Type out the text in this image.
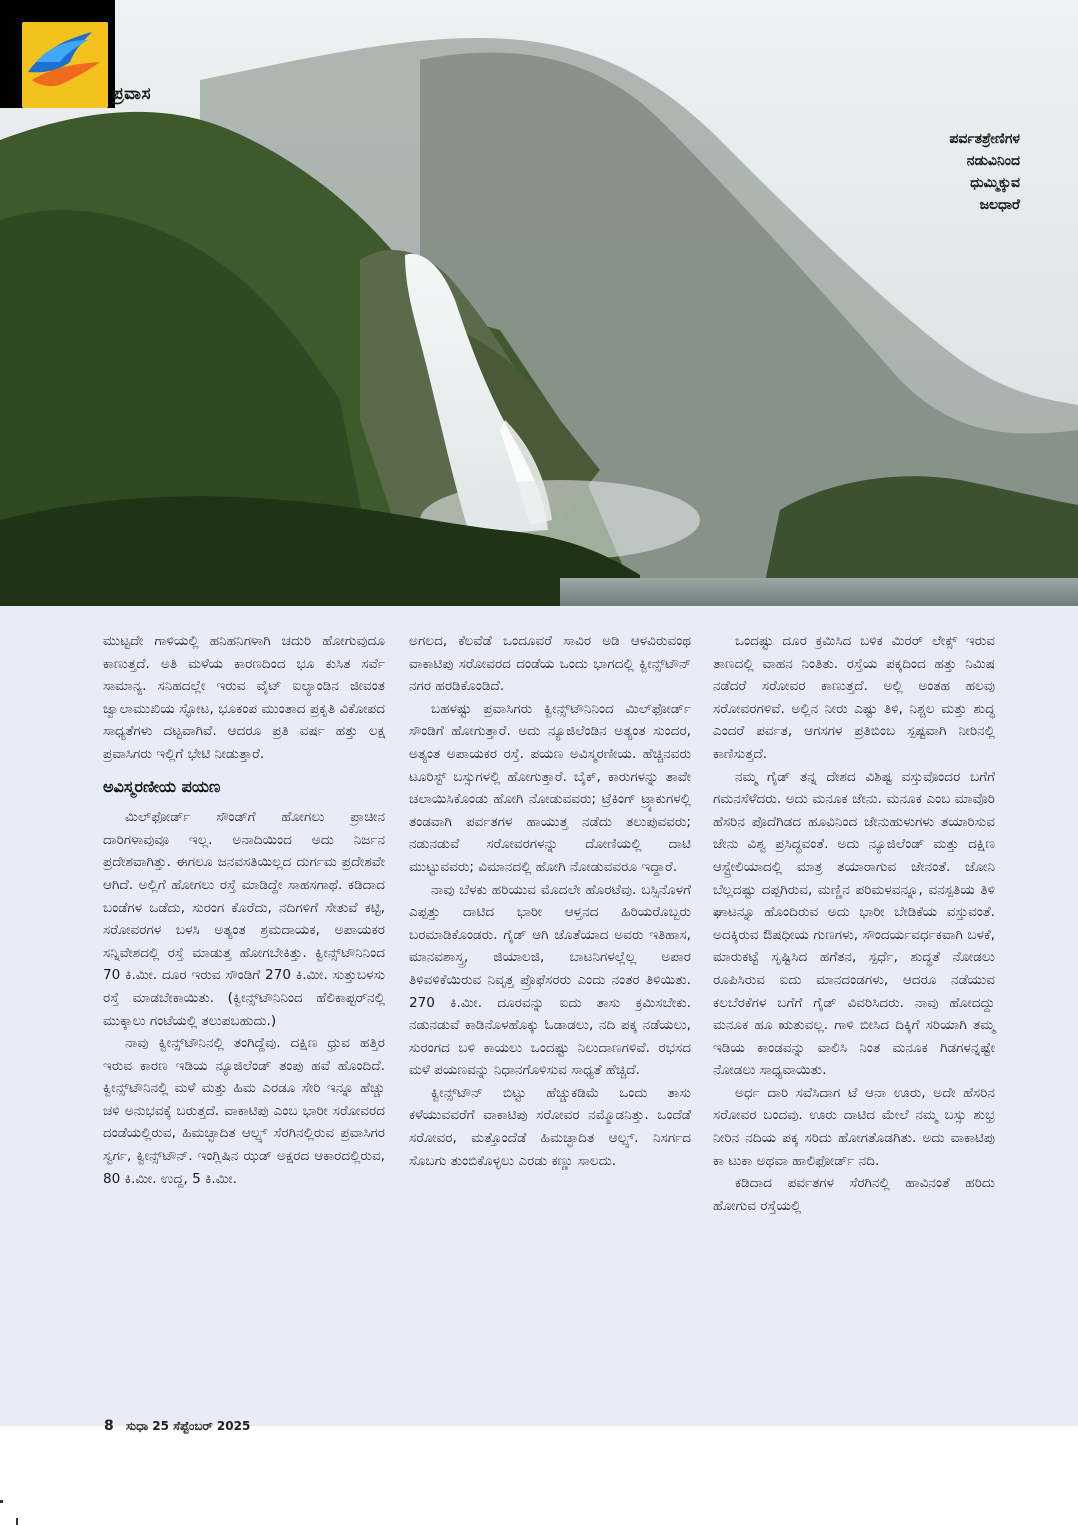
ಪ್ರವಾಸ
ಪರ್ವತಶ್ರೇಣಿಗಳ
ನಡುವಿನಿಂದ
ಧುಮ್ಮಿಕ್ಕುವ
ಜಲಧಾರೆ

ಮುಟ್ಟದೇ ಗಾಳಿಯಲ್ಲಿ ಹನಿಹನಿಗಳಾಗಿ ಚದುರಿ ಹೋಗುವುದೂ ಕಾಣುತ್ತದೆ. ಅತಿ ಮಳೆಯ ಕಾರಣದಿಂದ ಭೂ ಕುಸಿತ ಸರ್ವೆ ಸಾಮಾನ್ಯ. ಸನಿಹದಲ್ಲೇ ಇರುವ ವೈಟ್ ಐಲ್ಯಾಂಡಿನ ಜೀವಂತ ಜ್ವಾಲಾಮುಖಿಯ ಸ್ಫೋಟ, ಭೂಕಂಪ ಮುಂತಾದ ಪ್ರಕೃತಿ ವಿಕೋಪದ ಸಾಧ್ಯತೆಗಳು ದಟ್ಟವಾಗಿವೆ. ಆದರೂ ಪ್ರತಿ ವರ್ಷ ಹತ್ತು ಲಕ್ಷ ಪ್ರವಾಸಿಗರು ಇಲ್ಲಿಗೆ ಭೇಟಿ ನೀಡುತ್ತಾರೆ.

ಅವಿಸ್ಮರಣೀಯ ಪಯಣ

ಮಿಲ್‌ಫೋರ್ಡ್ ಸೌಂಡ್‌ಗೆ ಹೋಗಲು ಪ್ರಾಚೀನ ದಾರಿಗಳಾವುವೂ ಇಲ್ಲ. ಅನಾದಿಯಿಂದ ಅದು ನಿರ್ಜನ ಪ್ರದೇಶವಾಗಿತ್ತು. ಈಗಲೂ ಜನವಸತಿಯಿಲ್ಲದ ದುರ್ಗಮ ಪ್ರದೇಶವೇ ಆಗಿದೆ. ಅಲ್ಲಿಗೆ ಹೋಗಲು ರಸ್ತೆ ಮಾಡಿದ್ದೇ ಸಾಹಸಗಾಥೆ. ಕಡಿದಾದ ಬಂಡೆಗಳ ಒಡೆದು, ಸುರಂಗ ಕೊರೆದು, ನದಿಗಳಿಗೆ ಸೇತುವೆ ಕಟ್ಟಿ, ಸರೋವರಗಳ ಬಳಸಿ ಅತ್ಯಂತ ಶ್ರಮದಾಯಕ, ಅಪಾಯಕರ ಸನ್ನಿವೇಶದಲ್ಲಿ ರಸ್ತೆ ಮಾಡುತ್ತ ಹೋಗಬೇಕಿತ್ತು. ಕ್ವೀನ್ಸ್‌ಟೌನಿನಿಂದ 70 ಕಿ.ಮೀ. ದೂರ ಇರುವ ಸೌಂಡಿಗೆ 270 ಕಿ.ಮೀ. ಸುತ್ತುಬಳಸು ರಸ್ತೆ ಮಾಡಬೇಕಾಯಿತು. (ಕ್ವೀನ್ಸ್‌ಟೌನಿನಿಂದ ಹೆಲಿಕಾಪ್ಟರ್‌ನಲ್ಲಿ ಮುಕ್ಕಾಲು ಗಂಟೆಯಲ್ಲಿ ತಲುಪಬಹುದು.)

ನಾವು ಕ್ವೀನ್ಸ್‌ಟೌನಿನಲ್ಲಿ ತಂಗಿದ್ದೆವು. ದಕ್ಷಿಣ ಧ್ರುವ ಹತ್ತಿರ ಇರುವ ಕಾರಣ ಇಡಿಯ ನ್ಯೂಜಿಲೆಂಡ್ ತಂಪು ಹವೆ ಹೊಂದಿದೆ. ಕ್ವೀನ್ಸ್‌ಟೌನಿನಲ್ಲಿ ಮಳೆ ಮತ್ತು ಹಿಮ ಎರಡೂ ಸೇರಿ ಇನ್ನೂ ಹೆಚ್ಚು ಚಳಿ ಅನುಭವಕ್ಕೆ ಬರುತ್ತದೆ. ವಾಕಾಟಿಪು ಎಂಬ ಭಾರೀ ಸರೋವರದ ದಂಡೆಯಲ್ಲಿರುವ, ಹಿಮಚ್ಛಾದಿತ ಆಲ್ಪ್ಸ್ ಸೆರಗಿನಲ್ಲಿರುವ ಪ್ರವಾಸಿಗರ ಸ್ವರ್ಗ, ಕ್ವೀನ್ಸ್‌ಟೌನ್. ಇಂಗ್ಲಿಷಿನ ಝಡ್ ಅಕ್ಷರದ ಆಕಾರದಲ್ಲಿರುವ, 80 ಕಿ.ಮೀ. ಉದ್ದ, 5 ಕಿ.ಮೀ.

ಅಗಲದ, ಕೆಲವೆಡೆ ಒಂದೂವರೆ ಸಾವಿರ ಅಡಿ ಆಳವಿರುವಂಥ ವಾಕಾಟಿಪು ಸರೋವರದ ದಂಡೆಯ ಒಂದು ಭಾಗದಲ್ಲಿ ಕ್ವೀನ್ಸ್‌ಟೌನ್ ನಗರ ಹರಡಿಕೊಂಡಿದೆ.

ಬಹಳಷ್ಟು ಪ್ರವಾಸಿಗರು ಕ್ವೀನ್ಸ್‌ಟೌನಿನಿಂದ ಮಿಲ್‌ಫೋರ್ಡ್ ಸೌಂಡಿಗೆ ಹೋಗುತ್ತಾರೆ. ಅದು ನ್ಯೂಜಿಲೆಂಡಿನ ಅತ್ಯಂತ ಸುಂದರ, ಅತ್ಯಂತ ಅಪಾಯಕರ ರಸ್ತೆ. ಪಯಣ ಅವಿಸ್ಮರಣೀಯ. ಹೆಚ್ಚಿನವರು ಟೂರಿಸ್ಟ್ ಬಸ್ಸುಗಳಲ್ಲಿ ಹೋಗುತ್ತಾರೆ. ಬೈಕ್, ಕಾರುಗಳನ್ನು ತಾವೇ ಚಲಾಯಿಸಿಕೊಂಡು ಹೋಗಿ ನೋಡುವವರು; ಟ್ರೆಕಿಂಗ್ ಟ್ರ್ಯಾಕುಗಳಲ್ಲಿ ತಂಡವಾಗಿ ಪರ್ವತಗಳ ಹಾಯುತ್ತ ನಡೆದು ತಲುಪುವವರು; ನಡುನಡುವೆ ಸರೋವರಗಳನ್ನು ದೋಣಿಯಲ್ಲಿ ದಾಟಿ ಮುಟ್ಟುವವರು; ವಿಮಾನದಲ್ಲಿ ಹೋಗಿ ನೋಡುವವರೂ ಇದ್ದಾರೆ.

ನಾವು ಬೆಳಕು ಹರಿಯುವ ಮೊದಲೇ ಹೊರಟೆವು. ಬಸ್ಸಿನೊಳಗೆ ಎಪ್ಪತ್ತು ದಾಟಿದ ಭಾರೀ ಆಳ್ತನದ ಹಿರಿಯರೊಬ್ಬರು ಬರಮಾಡಿಕೊಂಡರು. ಗೈಡ್ ಆಗಿ ಜೊತೆಯಾದ ಅವರು ಇತಿಹಾಸ, ಮಾನವಶಾಸ್ತ್ರ, ಜಿಯಾಲಜಿ, ಬಾಟನಿಗಳಲ್ಲೆಲ್ಲ ಅಪಾರ ತಿಳಿವಳಿಕೆಯಿರುವ ನಿವೃತ್ತ ಪ್ರೊಫೆಸರರು ಎಂದು ನಂತರ ತಿಳಿಯಿತು. 270 ಕಿ.ಮೀ. ದೂರವನ್ನು ಐದು ತಾಸು ಕ್ರಮಿಸಬೇಕು. ನಡುನಡುವೆ ಕಾಡಿನೊಳಹೊಕ್ಕು ಓಡಾಡಲು, ನದಿ ಪಕ್ಕ ನಡೆಯಲು, ಸುರಂಗದ ಬಳಿ ಕಾಯಲು ಒಂದಷ್ಟು ನಿಲುದಾಣಗಳಿವೆ. ರಭಸದ ಮಳೆ ಪಯಣವನ್ನು ನಿಧಾನಗೊಳಿಸುವ ಸಾಧ್ಯತೆ ಹೆಚ್ಚಿದೆ.

ಕ್ವೀನ್ಸ್‌ಟೌನ್ ಬಿಟ್ಟು ಹೆಚ್ಚುಕಡಿಮೆ ಒಂದು ತಾಸು ಕಳೆಯುವವರೆಗೆ ವಾಕಾಟಿಪು ಸರೋವರ ನಮ್ಮೊಡನಿತ್ತು. ಒಂದೆಡೆ ಸರೋವರ, ಮತ್ತೊಂದೆಡೆ ಹಿಮಚ್ಛಾದಿತ ಆಲ್ಪ್ಸ್. ನಿಸರ್ಗದ ಸೊಬಗು ತುಂಬಿಕೊಳ್ಳಲು ಎರಡು ಕಣ್ಣು ಸಾಲದು.

ಒಂದಷ್ಟು ದೂರ ಕ್ರಮಿಸಿದ ಬಳಿಕ ಮಿರರ್ ಲೇಕ್ಸ್ ಇರುವ ತಾಣದಲ್ಲಿ ವಾಹನ ನಿಂತಿತು. ರಸ್ತೆಯ ಪಕ್ಕದಿಂದ ಹತ್ತು ನಿಮಿಷ ನಡೆದರೆ ಸರೋವರ ಕಾಣುತ್ತದೆ. ಅಲ್ಲಿ ಅಂತಹ ಹಲವು ಸರೋವರಗಳಿವೆ. ಅಲ್ಲಿನ ನೀರು ಎಷ್ಟು ತಿಳಿ, ನಿಶ್ಚಲ ಮತ್ತು ಶುದ್ಧ ಎಂದರೆ ಪರ್ವತ, ಆಗಸಗಳ ಪ್ರತಿಬಿಂಬ ಸ್ಪಷ್ಟವಾಗಿ ನೀರಿನಲ್ಲಿ ಕಾಣಿಸುತ್ತದೆ.

ನಮ್ಮ ಗೈಡ್ ತನ್ನ ದೇಶದ ವಿಶಿಷ್ಟ ವಸ್ತುವೊಂದರ ಬಗೆಗೆ ಗಮನಸೆಳೆದರು. ಅದು ಮನೂಕ ಜೇನು. ಮನೂಕ ಎಂಬ ಮಾವೊರಿ ಹೆಸರಿನ ಪೊದೆಗಿಡದ ಹೂವಿನಿಂದ ಜೇನುಹುಳುಗಳು ತಯಾರಿಸುವ ಜೇನು ವಿಶ್ವ ಪ್ರಸಿದ್ಧವಂತೆ. ಅದು ನ್ಯೂಜಿಲೆಂಡ್ ಮತ್ತು ದಕ್ಷಿಣ ಆಸ್ಟ್ರೇಲಿಯಾದಲ್ಲಿ ಮಾತ್ರ ತಯಾರಾಗುವ ಜೇನಂತೆ. ಜೋನಿ ಬೆಲ್ಲದಷ್ಟು ದಪ್ಪಗಿರುವ, ಮಣ್ಣಿನ ಪರಿಮಳವನ್ನೂ, ವನಸ್ಪತಿಯ ತಿಳಿ ಘಾಟನ್ನೂ ಹೊಂದಿರುವ ಅದು ಭಾರೀ ಬೇಡಿಕೆಯ ವಸ್ತುವಂತೆ. ಅದಕ್ಕಿರುವ ಔಷಧೀಯ ಗುಣಗಳು, ಸೌಂದರ್ಯವರ್ಧಕವಾಗಿ ಬಳಕೆ, ಮಾರುಕಟ್ಟೆ ಸೃಷ್ಟಿಸಿದ ಹಗೆತನ, ಸ್ಪರ್ಧೆ, ಶುದ್ಧತೆ ನೋಡಲು ರೂಪಿಸಿರುವ ಐದು ಮಾನದಂಡಗಳು, ಆದರೂ ನಡೆಯುವ ಕಲಬೆರಕೆಗಳ ಬಗೆಗೆ ಗೈಡ್ ವಿವರಿಸಿದರು. ನಾವು ಹೋದದ್ದು ಮನೂಕ ಹೂ ಋತುವಲ್ಲ. ಗಾಳಿ ಬೀಸಿದ ದಿಕ್ಕಿಗೆ ಸರಿಯಾಗಿ ತಮ್ಮ ಇಡಿಯ ಕಾಂಡವನ್ನು ವಾಲಿಸಿ ನಿಂತ ಮನೂಕ ಗಿಡಗಳನ್ನಷ್ಟೇ ನೋಡಲು ಸಾಧ್ಯವಾಯಿತು.

ಅರ್ಧ ದಾರಿ ಸವೆಸಿದಾಗ ಟೆ ಆನಾ ಊರು, ಅದೇ ಹೆಸರಿನ ಸರೋವರ ಬಂದವು. ಊರು ದಾಟಿದ ಮೇಲೆ ನಮ್ಮ ಬಸ್ಸು ಶುಭ್ರ ನೀರಿನ ನದಿಯ ಪಕ್ಕ ಸರಿದು ಹೋಗತೊಡಗಿತು. ಅದು ವಾಕಾಟಿಪು ಕಾ ಟುಕಾ ಅಥವಾ ಹಾಲಿಫೋರ್ಡ್ ನದಿ.

ಕಡಿದಾದ ಪರ್ವತಗಳ ಸೆರಗಿನಲ್ಲಿ ಹಾವಿನಂತೆ ಹರಿದು ಹೋಗುವ ರಸ್ತೆಯಲ್ಲಿ

8 ಸುಧಾ 25 ಸೆಪ್ಟೆಂಬರ್ 2025
